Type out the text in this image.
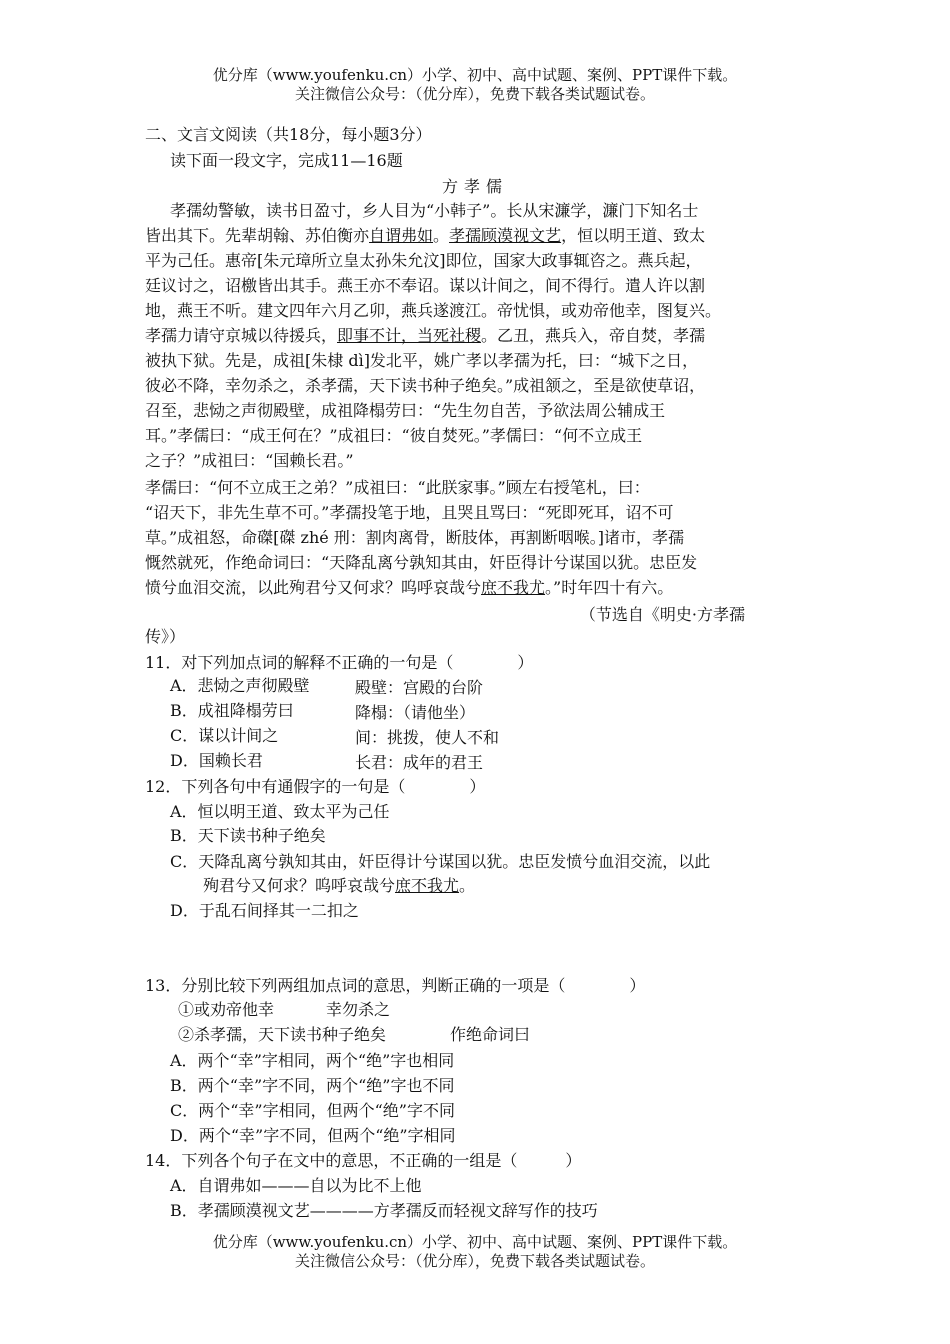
优分库（www.youfenku.cn）小学、初中、高中试题、案例、PPT课件下载。
关注微信公众号：（优分库），免费下载各类试题试卷。
二、文言文阅读（共18分，每小题3分）
读下面一段文字，完成11—16题
方孝儒
孝孺幼警敏，读书日盈寸，乡人目为“小韩子”。长从宋濂学，濂门下知名士
皆出其下。先辈胡翰、苏伯衡亦自谓弗如。孝孺顾漠视文艺，恒以明王道、致太
平为己任。惠帝[朱元璋所立皇太孙朱允汶]即位，国家大政事辄咨之。燕兵起，
廷议讨之，诏檄皆出其手。燕王亦不奉诏。谋以计间之，间不得行。遣人许以割
地，燕王不听。建文四年六月乙卯，燕兵遂渡江。帝忧惧，或劝帝他幸，图复兴。
孝孺力请守京城以待援兵，即事不计，当死社稷。乙丑，燕兵入，帝自焚，孝孺
被执下狱。先是，成祖[朱棣 dì]发北平，姚广孝以孝孺为托，曰：“城下之日，
彼必不降，幸勿杀之，杀孝孺，天下读书种子绝矣。”成祖颔之，至是欲使草诏，
召至，悲恸之声彻殿壁，成祖降榻劳曰：“先生勿自苦，予欲法周公辅成王
耳。”孝儒曰：“成王何在？”成祖曰：“彼自焚死。”孝儒曰：“何不立成王
之子？”成祖曰：“国赖长君。”
孝儒曰：“何不立成王之弟？”成祖曰：“此朕家事。”顾左右授笔札，曰：
“诏天下，非先生草不可。”孝孺投笔于地，且哭且骂曰：“死即死耳，诏不可
草。”成祖怒，命磔[磔 zhé 刑：割肉离骨，断肢体，再割断咽喉。]诸市，孝孺
慨然就死，作绝命词曰：“天降乱离兮孰知其由，奸臣得计兮谋国以犹。忠臣发
愤兮血泪交流，以此殉君兮又何求？呜呼哀哉兮庶不我尤。”时年四十有六。
（节选自《明史·方孝孺
传》）
11．对下列加点词的解释不正确的一句是（　　　　）
A．悲恸之声彻殿壁	殿壁：宫殿的台阶
B．成祖降榻劳曰	降榻：（请他坐）
C．谋以计间之	间：挑拨，使人不和
D．国赖长君	长君：成年的君王
12．下列各句中有通假字的一句是（　　　　）
A．恒以明王道、致太平为己任
B．天下读书种子绝矣
C．天降乱离兮孰知其由，奸臣得计兮谋国以犹。忠臣发愤兮血泪交流，以此
殉君兮又何求？呜呼哀哉兮庶不我尤。
D．于乱石间择其一二扣之
13．分别比较下列两组加点词的意思，判断正确的一项是（　　　　）
①或劝帝他幸	幸勿杀之
②杀孝孺，天下读书种子绝矣	作绝命词曰
A．两个“幸”字相同，两个“绝”字也相同
B．两个“幸”字不同，两个“绝”字也不同
C．两个“幸”字相同，但两个“绝”字不同
D．两个“幸”字不同，但两个“绝”字相同
14．下列各个句子在文中的意思，不正确的一组是（　　　）
A．自谓弗如———自以为比不上他
B．孝孺顾漠视文艺————方孝孺反而轻视文辞写作的技巧
优分库（www.youfenku.cn）小学、初中、高中试题、案例、PPT课件下载。
关注微信公众号：（优分库），免费下载各类试题试卷。
